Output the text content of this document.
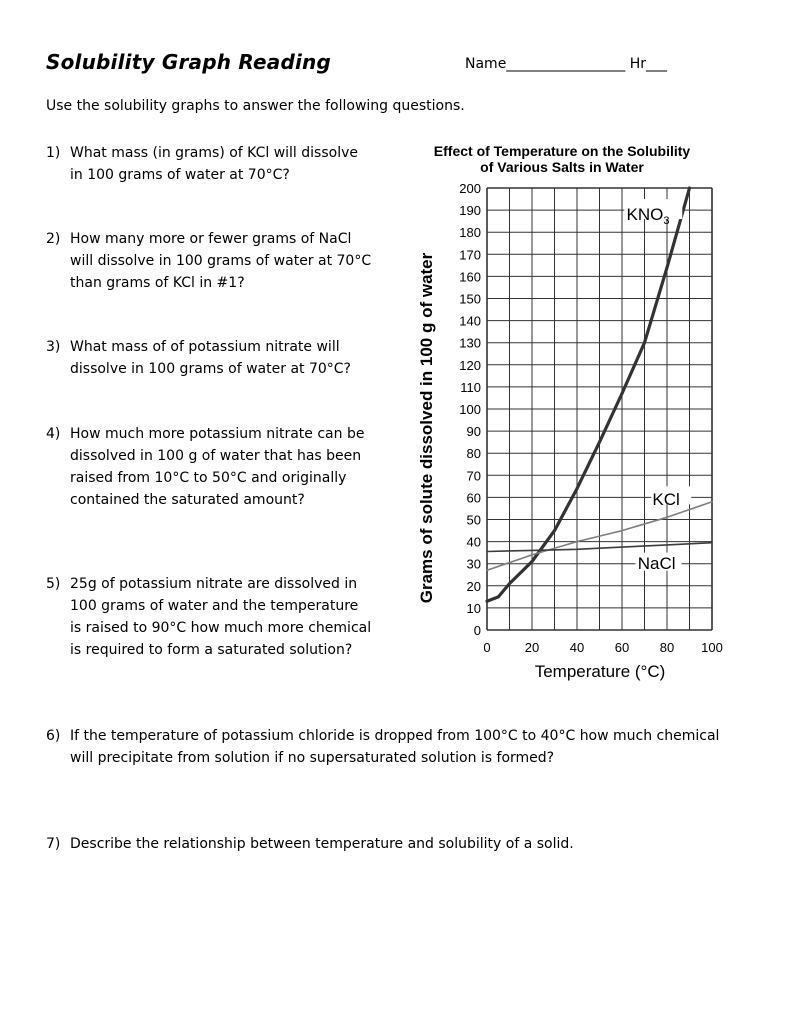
Solubility Graph Reading	Name_________________ Hr___
Use the solubility graphs to answer the following questions.
1) What mass (in grams) of KCl will dissolve
in 100 grams of water at 70°C?
2) How many more or fewer grams of NaCl
will dissolve in 100 grams of water at 70°C
than grams of KCl in #1?
3) What mass of of potassium nitrate will
dissolve in 100 grams of water at 70°C?
4) How much more potassium nitrate can be
dissolved in 100 g of water that has been
raised from 10°C to 50°C and originally
contained the saturated amount?
5) 25g of potassium nitrate are dissolved in
100 grams of water and the temperature
is raised to 90°C how much more chemical
is required to form a saturated solution?
6) If the temperature of potassium chloride is dropped from 100°C to 40°C how much chemical
will precipitate from solution if no supersaturated solution is formed?
7) Describe the relationship between temperature and solubility of a solid.
Effect of Temperature on the Solubility
of Various Salts in Water
0
10
20
30
40
50
60
70
80
90
100
110
120
130
140
150
160
170
180
190
200
0	20 40 60 80 100
$KNO_3$
KCl
NaCl
Temperature (°C)
Grams of solute dissolved in 100 g of water
